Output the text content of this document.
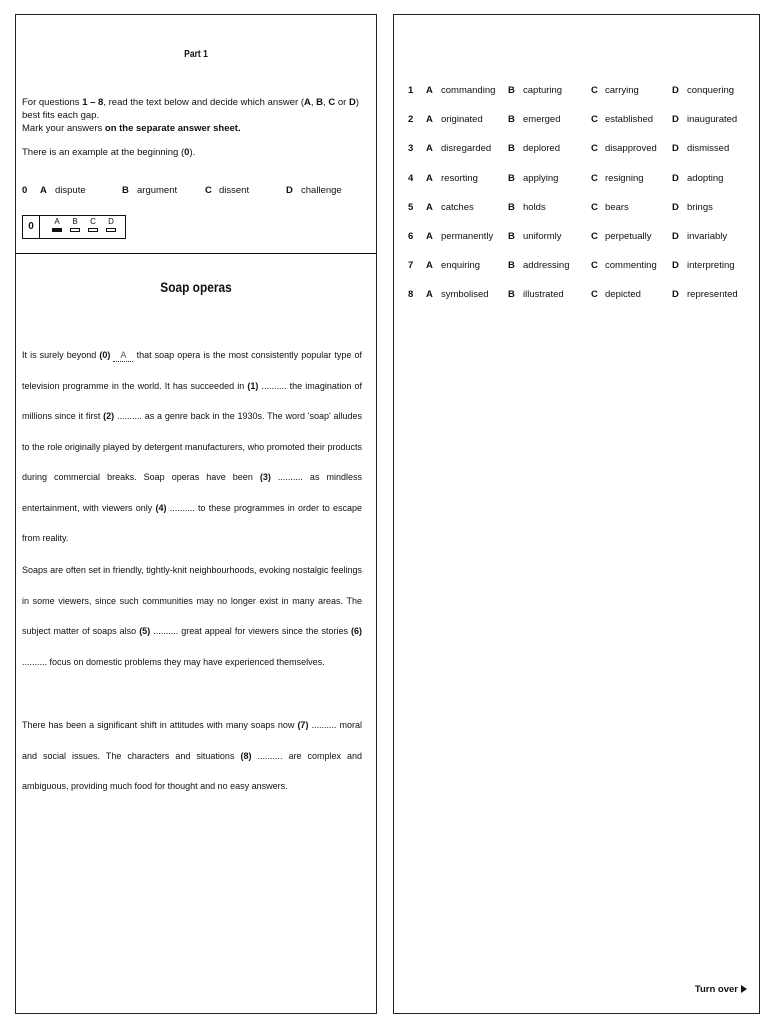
Part 1
For questions 1 – 8, read the text below and decide which answer (A, B, C or D) best fits each gap.
Mark your answers on the separate answer sheet.
There is an example at the beginning (0).
0 A dispute	B argument	C dissent	D challenge
0	A	B	C	D
Soap operas
It is surely beyond (0) A that soap opera is the most consistently popular type of television programme in the world. It has succeeded in (1) .......... the imagination of millions since it first (2) .......... as a genre back in the 1930s. The word 'soap' alludes to the role originally played by detergent manufacturers, who promoted their products during commercial breaks. Soap operas have been (3) .......... as mindless entertainment, with viewers only (4) .......... to these programmes in order to escape from reality.
Soaps are often set in friendly, tightly-knit neighbourhoods, evoking nostalgic feelings in some viewers, since such communities may no longer exist in many areas. The subject matter of soaps also (5) .......... great appeal for viewers since the stories (6) .......... focus on domestic problems they may have experienced themselves.
There has been a significant shift in attitudes with many soaps now (7) .......... moral and social issues. The characters and situations (8) .......... are complex and ambiguous, providing much food for thought and no easy answers.
1 A commanding B capturing	C carrying	D conquering
2 A originated	B emerged	C established D inaugurated
3 A disregarded B deplored	C disapproved D dismissed
4 A resorting	B applying	C resigning	D adopting
5 A catches	B holds	C bears	D brings
6 A permanently B uniformly	C perpetually D invariably
7 A enquiring	B addressing C commenting D interpreting
8 A symbolised B illustrated	C depicted	D represented
Turn over
